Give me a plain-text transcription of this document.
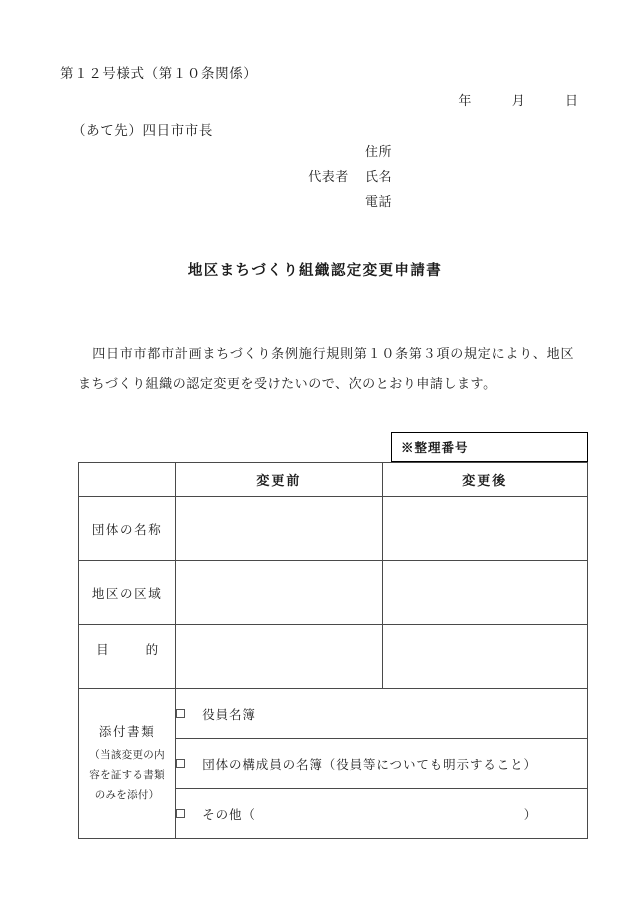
第１２号様式（第１０条関係）
年	月	日
（あて先）四日市市長
住所
代表者 氏名
電話
地区まちづくり組織認定変更申請書
四日市市都市計画まちづくり条例施行規則第１０条第３項の規定により、地区まちづくり組織の認定変更を受けたいので、次のとおり申請します。
※整理番号
	変更前	変更後
団体の名称		
地区の区域		
目的		

添付書類
（当該変更の内
容を証する書類
のみを添付）	役員名簿	

	団体の構成員の名簿（役員等についても明示すること）	

	その他（ ）	
